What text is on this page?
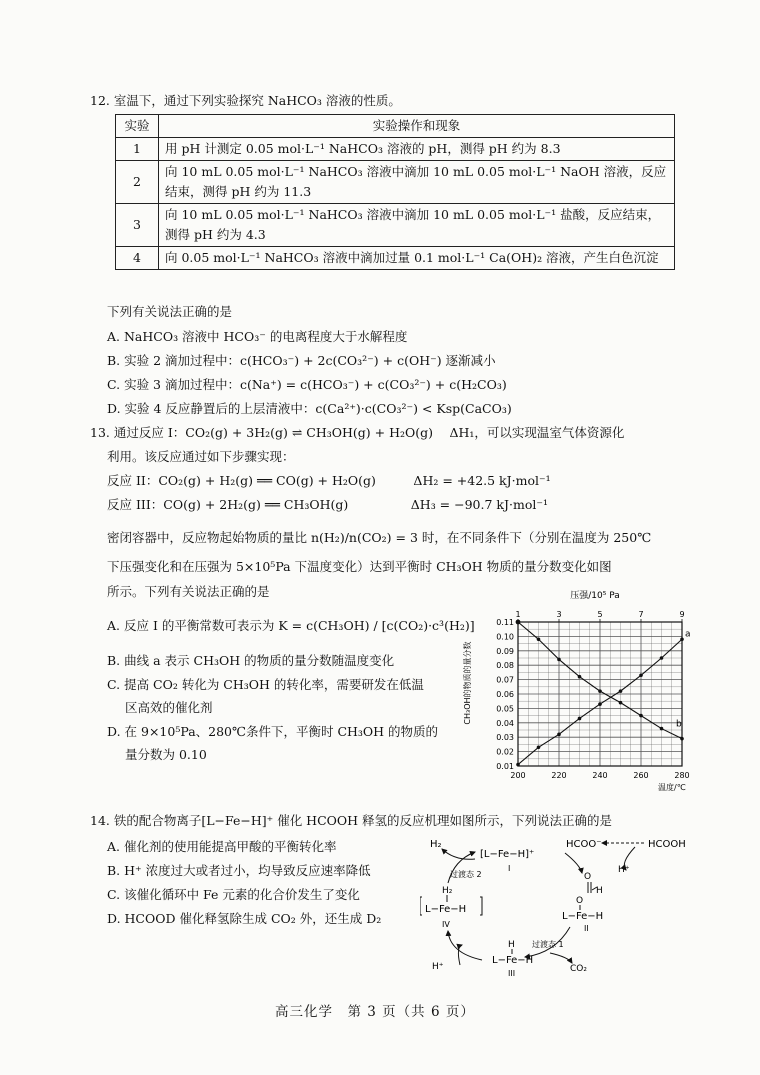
12. 室温下，通过下列实验探究 NaHCO₃ 溶液的性质。
实验	实验操作和现象
1	用 pH 计测定 0.05 mol·L⁻¹ NaHCO₃ 溶液的 pH，测得 pH 约为 8.3
2	向 10 mL 0.05 mol·L⁻¹ NaHCO₃ 溶液中滴加 10 mL 0.05 mol·L⁻¹ NaOH 溶液，反应结束，测得 pH 约为 11.3
3	向 10 mL 0.05 mol·L⁻¹ NaHCO₃ 溶液中滴加 10 mL 0.05 mol·L⁻¹ 盐酸，反应结束，测得 pH 约为 4.3
4	向 0.05 mol·L⁻¹ NaHCO₃ 溶液中滴加过量 0.1 mol·L⁻¹ Ca(OH)₂ 溶液，产生白色沉淀
下列有关说法正确的是
A. NaHCO₃ 溶液中 HCO₃⁻ 的电离程度大于水解程度
B. 实验 2 滴加过程中：c(HCO₃⁻) + 2c(CO₃²⁻) + c(OH⁻) 逐渐减小
C. 实验 3 滴加过程中：c(Na⁺) = c(HCO₃⁻) + c(CO₃²⁻) + c(H₂CO₃)
D. 实验 4 反应静置后的上层清液中：c(Ca²⁺)·c(CO₃²⁻) < Ksp(CaCO₃)
13. 通过反应 I：CO₂(g) + 3H₂(g) ⇌ CH₃OH(g) + H₂O(g)　 ΔH₁，可以实现温室气体资源化
利用。该反应通过如下步骤实现：
反应 II：CO₂(g) + H₂(g) ══ CO(g) + H₂O(g)　　　ΔH₂ = +42.5 kJ·mol⁻¹
反应 III：CO(g) + 2H₂(g) ══ CH₃OH(g)　　　　　ΔH₃ = −90.7 kJ·mol⁻¹
密闭容器中，反应物起始物质的量比 n(H₂)/n(CO₂) = 3 时，在不同条件下（分别在温度为 250℃
下压强变化和在压强为 5×10⁵Pa 下温度变化）达到平衡时 CH₃OH 物质的量分数变化如图
所示。下列有关说法正确的是
A. 反应 I 的平衡常数可表示为 K = c(CH₃OH) / [c(CO₂)·c³(H₂)]
B. 曲线 a 表示 CH₃OH 的物质的量分数随温度变化
C. 提高 CO₂ 转化为 CH₃OH 的转化率，需要研发在低温
区高效的催化剂
D. 在 9×10⁵Pa、280℃条件下，平衡时 CH₃OH 的物质的
量分数为 0.10
压强/10⁵ Pa
1	3	5	7	9
0.11
0.10
0.09
0.08
0.07
0.06
0.05
0.04
0.03
0.02
0.01
200	220	240	260	280
CH₃OH的物质的量分数
温度/℃
b
a
14. 铁的配合物离子[L−Fe−H]⁺ 催化 HCOOH 释氢的反应机理如图所示，下列说法正确的是
A. 催化剂的使用能提高甲酸的平衡转化率
B. H⁺ 浓度过大或者过小，均导致反应速率降低
C. 该催化循环中 Fe 元素的化合价发生了变化
D. HCOOD 催化释氢除生成 CO₂ 外，还生成 D₂
H₂
[L−Fe−H]⁺
I
HCOO⁻	HCOOH
H⁺
过渡态 2
过渡态 1
O
H
O
L−Fe−H
II
H
L−Fe−H
III	CO₂
H⁺
H₂
L−Fe−H
IV
高三化学　第 3 页（共 6 页）
